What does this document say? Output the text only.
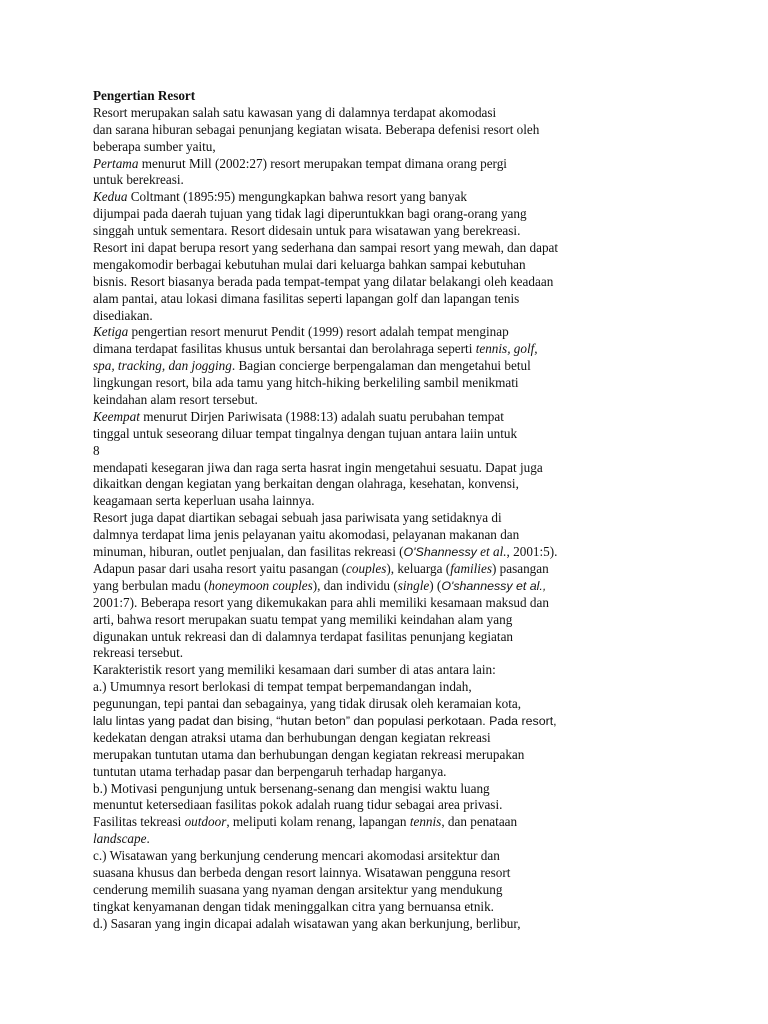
Pengertian Resort
Resort merupakan salah satu kawasan yang di dalamnya terdapat akomodasi
dan sarana hiburan sebagai penunjang kegiatan wisata. Beberapa defenisi resort oleh
beberapa sumber yaitu,
Pertama menurut Mill (2002:27) resort merupakan tempat dimana orang pergi
untuk berekreasi.
Kedua Coltmant (1895:95) mengungkapkan bahwa resort yang banyak
dijumpai pada daerah tujuan yang tidak lagi diperuntukkan bagi orang-orang yang
singgah untuk sementara. Resort didesain untuk para wisatawan yang berekreasi.
Resort ini dapat berupa resort yang sederhana dan sampai resort yang mewah, dan dapat
mengakomodir berbagai kebutuhan mulai dari keluarga bahkan sampai kebutuhan
bisnis. Resort biasanya berada pada tempat-tempat yang dilatar belakangi oleh keadaan
alam pantai, atau lokasi dimana fasilitas seperti lapangan golf dan lapangan tenis
disediakan.
Ketiga pengertian resort menurut Pendit (1999) resort adalah tempat menginap
dimana terdapat fasilitas khusus untuk bersantai dan berolahraga seperti tennis, golf,
spa, tracking, dan jogging. Bagian concierge berpengalaman dan mengetahui betul
lingkungan resort, bila ada tamu yang hitch-hiking berkeliling sambil menikmati
keindahan alam resort tersebut.
Keempat menurut Dirjen Pariwisata (1988:13) adalah suatu perubahan tempat
tinggal untuk seseorang diluar tempat tingalnya dengan tujuan antara laiin untuk
8
mendapati kesegaran jiwa dan raga serta hasrat ingin mengetahui sesuatu. Dapat juga
dikaitkan dengan kegiatan yang berkaitan dengan olahraga, kesehatan, konvensi,
keagamaan serta keperluan usaha lainnya.
Resort juga dapat diartikan sebagai sebuah jasa pariwisata yang setidaknya di
dalmnya terdapat lima jenis pelayanan yaitu akomodasi, pelayanan makanan dan
minuman, hiburan, outlet penjualan, dan fasilitas rekreasi (O'Shannessy et al., 2001:5).
Adapun pasar dari usaha resort yaitu pasangan (couples), keluarga (families) pasangan
yang berbulan madu (honeymoon couples), dan individu (single) (O'shannessy et al.,
2001:7). Beberapa resort yang dikemukakan para ahli memiliki kesamaan maksud dan
arti, bahwa resort merupakan suatu tempat yang memiliki keindahan alam yang
digunakan untuk rekreasi dan di dalamnya terdapat fasilitas penunjang kegiatan
rekreasi tersebut.
Karakteristik resort yang memiliki kesamaan dari sumber di atas antara lain:
a.) Umumnya resort berlokasi di tempat tempat berpemandangan indah,
pegunungan, tepi pantai dan sebagainya, yang tidak dirusak oleh keramaian kota,
lalu lintas yang padat dan bising, “hutan beton” dan populasi perkotaan. Pada resort,
kedekatan dengan atraksi utama dan berhubungan dengan kegiatan rekreasi
merupakan tuntutan utama dan berhubungan dengan kegiatan rekreasi merupakan
tuntutan utama terhadap pasar dan berpengaruh terhadap harganya.
b.) Motivasi pengunjung untuk bersenang-senang dan mengisi waktu luang
menuntut ketersediaan fasilitas pokok adalah ruang tidur sebagai area privasi.
Fasilitas tekreasi outdoor, meliputi kolam renang, lapangan tennis, dan penataan
landscape.
c.) Wisatawan yang berkunjung cenderung mencari akomodasi arsitektur dan
suasana khusus dan berbeda dengan resort lainnya. Wisatawan pengguna resort
cenderung memilih suasana yang nyaman dengan arsitektur yang mendukung
tingkat kenyamanan dengan tidak meninggalkan citra yang bernuansa etnik.
d.) Sasaran yang ingin dicapai adalah wisatawan yang akan berkunjung, berlibur,
